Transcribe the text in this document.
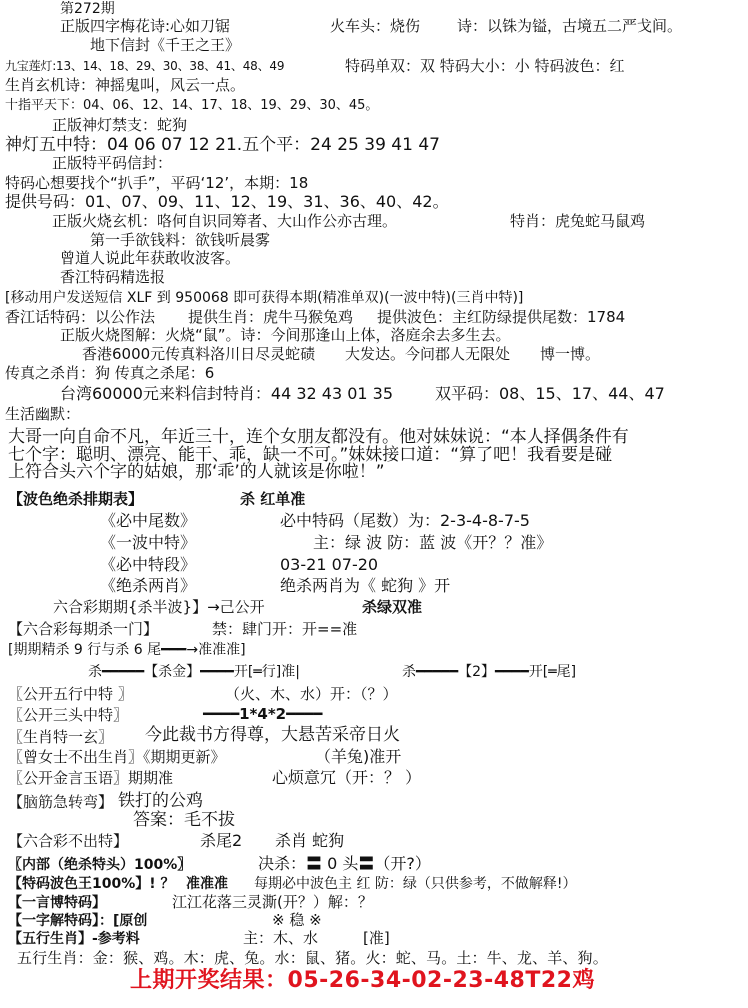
第272期
正版四字梅花诗:心如刀锯	火车头：烧伤 诗：以铢为镒，古境五二严戈间。
地下信封《千王之王》
九宝莲灯:13、14、18、29、30、38、41、48、49	特码单双：双 特码大小：小 特码波色：红
生肖玄机诗：神摇鬼叫，风云一点。
十指平天下：04、06、12、14、17、18、19、29、30、45。
正版神灯禁支：蛇狗
神灯五中特：04 06 07 12 21.五个平：24 25 39 41 47
正版特平码信封：
特码心想要找个“扒手”，平码‘12’，本期：18
提供号码：01、07、09、11、12、19、31、36、40、42。
正版火烧玄机：咯何自识同筹者、大山作公亦古理。	特肖：虎兔蛇马鼠鸡
第一手欲钱料：欲钱听晨雾
曾道人说此年获敢收波客。
香江特码精选报
[移动用户发送短信 XLF 到 950068 即可获得本期(精准单双)(一波中特)(三肖中特)]
香江话特码：以公作法 提供生肖：虎牛马猴兔鸡 提供波色：主红防绿提供尾数：1784
正版火烧图解：火烧“鼠”。诗：今间那逢山上体，洛庭余去多生去。
香港6000元传真料洛川日尽灵蛇碛 大发达。今问郡人无限处 博一博。
传真之杀肖：狗 传真之杀尾：6
台湾60000元来料信封特肖：44 32 43 01 35	双平码：08、15、17、44、47
生活幽默：
大哥一向自命不凡，年近三十，连个女朋友都没有。他对妹妹说：“本人择偶条件有
七个字：聪明、漂亮、能干、乖，缺一不可。”妹妹接口道：“算了吧！我看要是碰
上符合头六个字的姑娘，那‘乖’的人就该是你啦！”
【波色绝杀排期表】	杀 红单准
《必中尾数》	必中特码（尾数）为：2-3-4-8-7-5
《一波中特》	主：绿 波 防：蓝 波《开？？准》
《必中特段》	03-21 07-20
《绝杀两肖》	绝杀两肖为《 蛇狗 》开
六合彩期期{杀半波}】→己公开	杀绿双准
【六合彩每期杀一门】	禁：肆门开：开==准
[期期精杀 9 行与杀 6 尾━━━→准准准]
杀━━━━━【杀金】━━━━开[═行]准|	杀━━━━━【2】━━━━开[═尾]
〖公开五行中特 〗	（火、木、水）开：（？）
〖公开三头中特〗	━━━━1*4*2━━━━
〖生肖特一玄〗 今此裁书方得尊，大悬苦采帝日火
〖曾女士不出生肖〗《期期更新》	（羊兔)准开
〖公开金言玉语〗期期准	心烦意冗（开：？ ）
【脑筋急转弯】 铁打的公鸡
答案：毛不拔
【六合彩不出特】	杀尾2 杀肖 蛇狗
〖内部（绝杀特头）100%〗	决杀：〓 0 头〓（开?）
【特码波色王100%】! ？ 准准准 每期必中波色主 红 防：绿（只供参考，不做解释!）
【一言博特码】	江江花落三灵澌(开？）解：？
【一字解特码】：[原创	※ 稳 ※
【五行生肖】-参考料	主：木、水	[准]
五行生肖：金：猴、鸡。木：虎、兔。水：鼠、猪。火：蛇、马。土：牛、龙、羊、狗。
上期开奖结果：05-26-34-02-23-48T22鸡
